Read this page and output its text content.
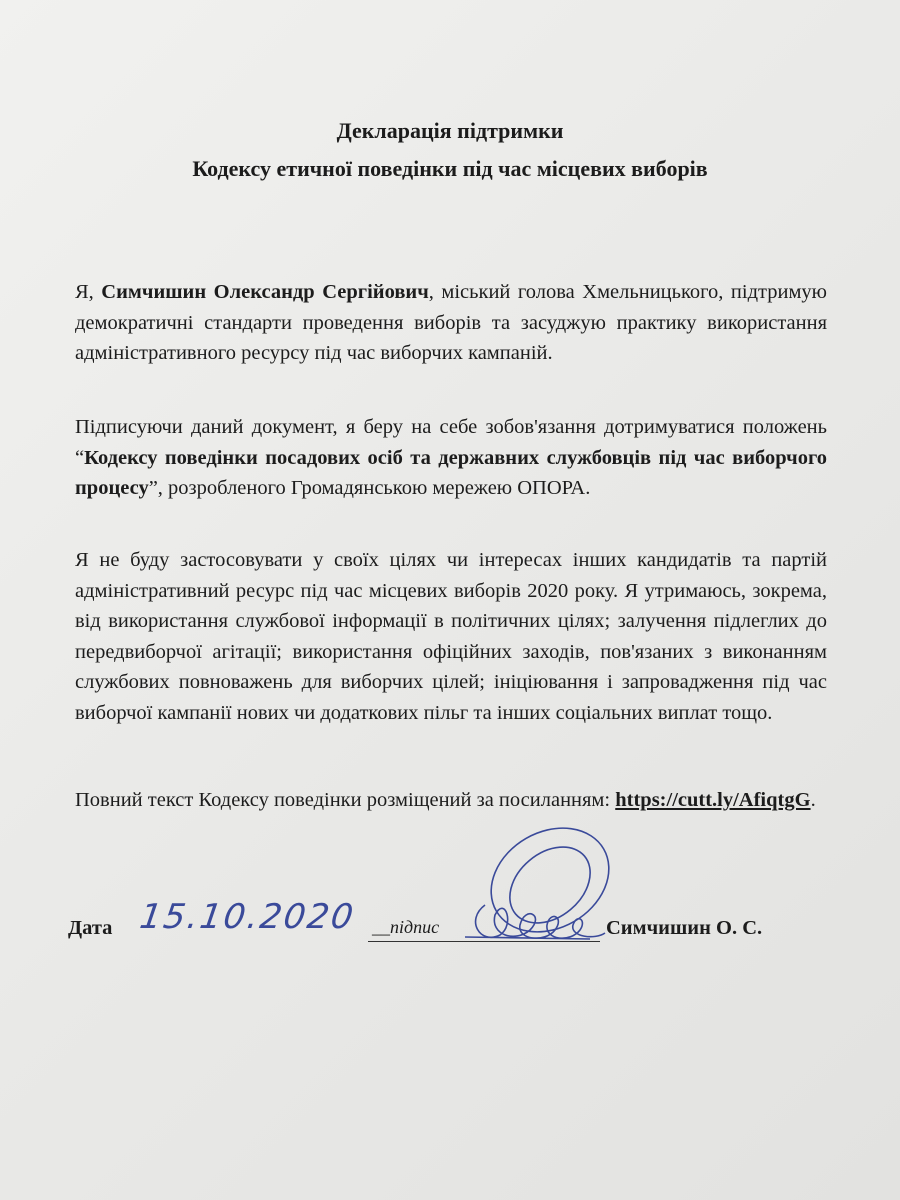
Декларація підтримки
Кодексу етичної поведінки під час місцевих виборів

Я, Симчишин Олександр Сергійович, міський голова Хмельницького, підтримую демократичні стандарти проведення виборів та засуджую практику використання адміністративного ресурсу під час виборчих кампаній.

Підписуючи даний документ, я беру на себе зобов'язання дотримуватися положень “Кодексу поведінки посадових осіб та державних службовців під час виборчого процесу”, розробленого Громадянською мережею ОПОРА.

Я не буду застосовувати у своїх цілях чи інтересах інших кандидатів та партій адміністративний ресурс під час місцевих виборів 2020 року. Я утримаюсь, зокрема, від використання службової інформації в політичних цілях; залучення підлеглих до передвиборчої агітації; використання офіційних заходів, пов'язаних з виконанням службових повноважень для виборчих цілей; ініціювання і запровадження під час виборчої кампанії нових чи додаткових пільг та інших соціальних виплат тощо.

Повний текст Кодексу поведінки розміщений за посиланням: https://cutt.ly/AfiqtgG.

Дата 15.10.2020 __підпис	Симчишин О. С.
